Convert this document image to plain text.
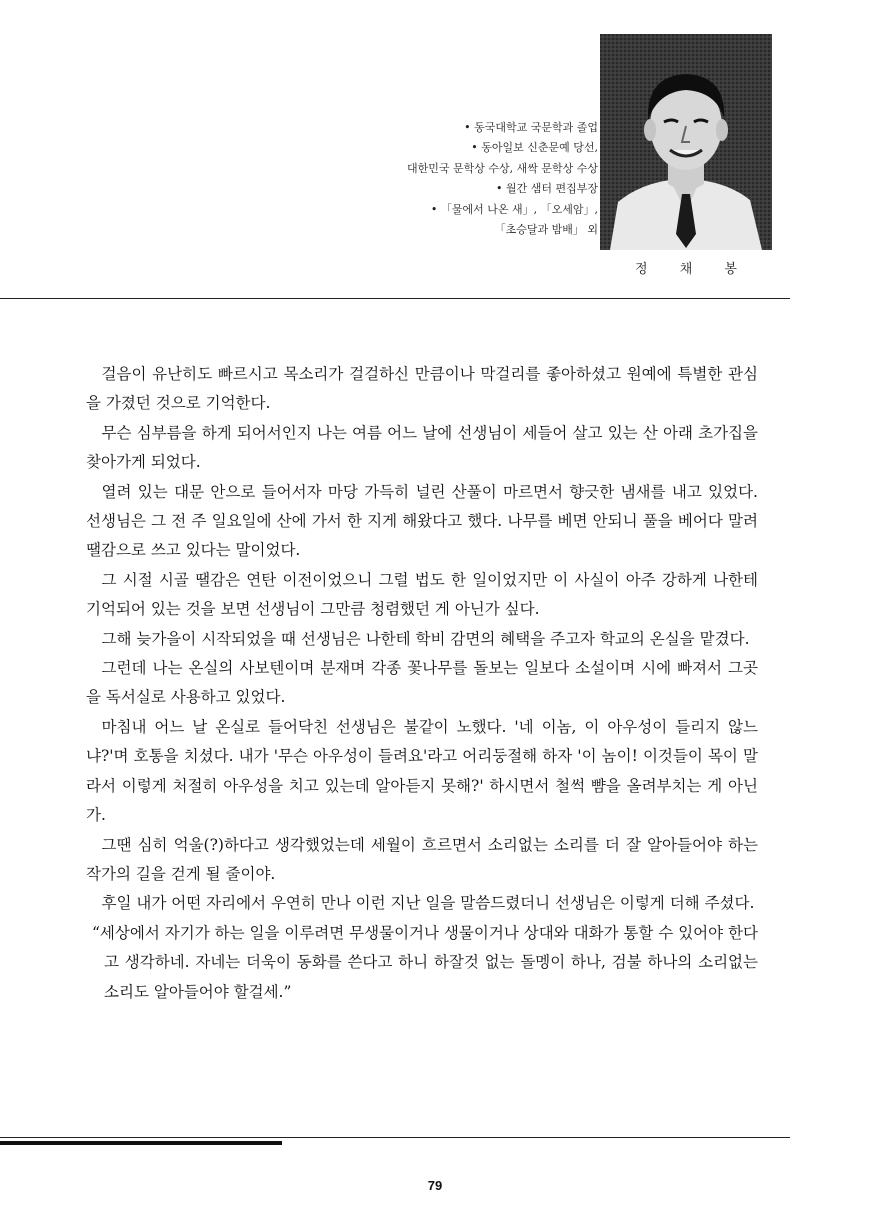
• 동국대학교 국문학과 졸업
• 동아일보 신춘문예 당선,
대한민국 문학상 수상, 새싹 문학상 수상
• 월간 샘터 편집부장
• 「물에서 나온 새」, 「오세암」,
「초승달과 밤배」 외
정 채 봉

걸음이 유난히도 빠르시고 목소리가 걸걸하신 만큼이나 막걸리를 좋아하셨고 원예에 특별한 관심을 가졌던 것으로 기억한다.

무슨 심부름을 하게 되어서인지 나는 여름 어느 날에 선생님이 세들어 살고 있는 산 아래 초가집을 찾아가게 되었다.

열려 있는 대문 안으로 들어서자 마당 가득히 널린 산풀이 마르면서 향긋한 냄새를 내고 있었다. 선생님은 그 전 주 일요일에 산에 가서 한 지게 해왔다고 했다. 나무를 베면 안되니 풀을 베어다 말려 땔감으로 쓰고 있다는 말이었다.

그 시절 시골 땔감은 연탄 이전이었으니 그럴 법도 한 일이었지만 이 사실이 아주 강하게 나한테 기억되어 있는 것을 보면 선생님이 그만큼 청렴했던 게 아닌가 싶다.

그해 늦가을이 시작되었을 때 선생님은 나한테 학비 감면의 혜택을 주고자 학교의 온실을 맡겼다.

그런데 나는 온실의 사보텐이며 분재며 각종 꽃나무를 돌보는 일보다 소설이며 시에 빠져서 그곳을 독서실로 사용하고 있었다.

마침내 어느 날 온실로 들어닥친 선생님은 불같이 노했다. '네 이놈, 이 아우성이 들리지 않느냐?'며 호통을 치셨다. 내가 '무슨 아우성이 들려요'라고 어리둥절해 하자 '이 놈이! 이것들이 목이 말라서 이렇게 처절히 아우성을 치고 있는데 알아듣지 못해?' 하시면서 철썩 뺨을 올려부치는 게 아닌가.

그땐 심히 억울(?)하다고 생각했었는데 세월이 흐르면서 소리없는 소리를 더 잘 알아들어야 하는 작가의 길을 걷게 될 줄이야.

후일 내가 어떤 자리에서 우연히 만나 이런 지난 일을 말씀드렸더니 선생님은 이렇게 더해 주셨다.

“세상에서 자기가 하는 일을 이루려면 무생물이거나 생물이거나 상대와 대화가 통할 수 있어야 한다고 생각하네. 자네는 더욱이 동화를 쓴다고 하니 하잘것 없는 돌멩이 하나, 검불 하나의 소리없는 소리도 알아들어야 할걸세.”

79
